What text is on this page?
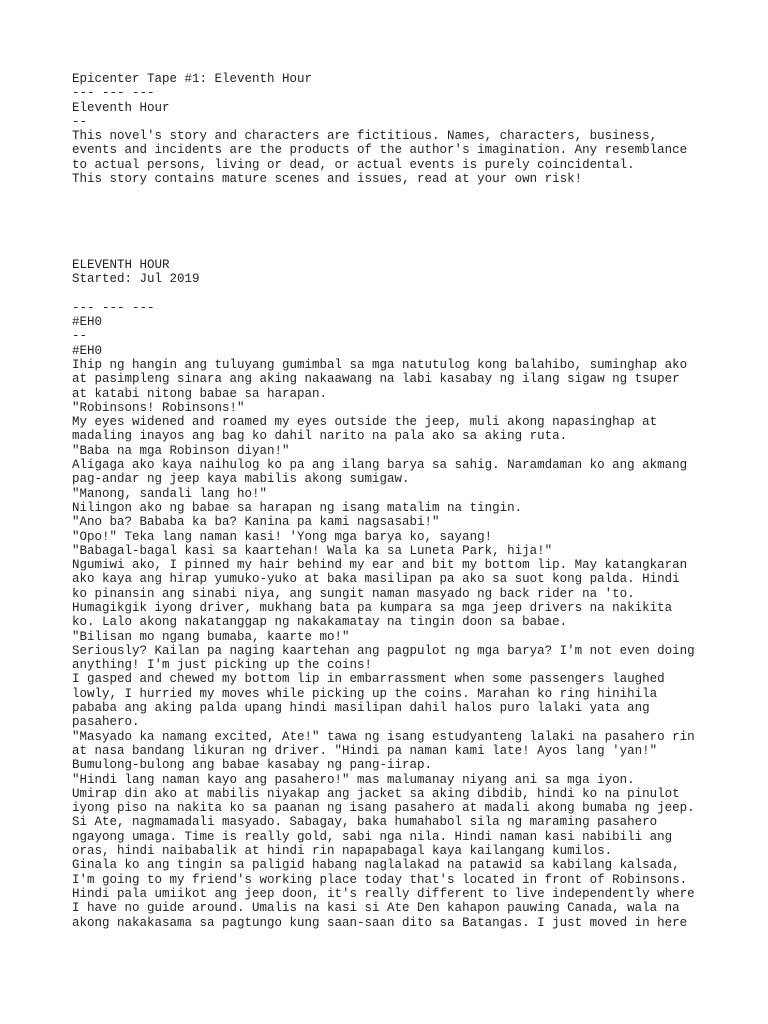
Epicenter Tape #1: Eleventh Hour
--- --- ---
Eleventh Hour
--
This novel's story and characters are fictitious. Names, characters, business,
events and incidents are the products of the author's imagination. Any resemblance
to actual persons, living or dead, or actual events is purely coincidental.
This story contains mature scenes and issues, read at your own risk!
ELEVENTH HOUR
Started: Jul 2019
--- --- ---
#EH0
--
#EH0
Ihip ng hangin ang tuluyang gumimbal sa mga natutulog kong balahibo, suminghap ako
at pasimpleng sinara ang aking nakaawang na labi kasabay ng ilang sigaw ng tsuper
at katabi nitong babae sa harapan.
"Robinsons! Robinsons!"
My eyes widened and roamed my eyes outside the jeep, muli akong napasinghap at
madaling inayos ang bag ko dahil narito na pala ako sa aking ruta.
"Baba na mga Robinson diyan!"
Aligaga ako kaya naihulog ko pa ang ilang barya sa sahig. Naramdaman ko ang akmang
pag-andar ng jeep kaya mabilis akong sumigaw.
"Manong, sandali lang ho!"
Nilingon ako ng babae sa harapan ng isang matalim na tingin.
"Ano ba? Bababa ka ba? Kanina pa kami nagsasabi!"
"Opo!" Teka lang naman kasi! 'Yong mga barya ko, sayang!
"Babagal-bagal kasi sa kaartehan! Wala ka sa Luneta Park, hija!"
Ngumiwi ako, I pinned my hair behind my ear and bit my bottom lip. May katangkaran
ako kaya ang hirap yumuko-yuko at baka masilipan pa ako sa suot kong palda. Hindi
ko pinansin ang sinabi niya, ang sungit naman masyado ng back rider na 'to.
Humagikgik iyong driver, mukhang bata pa kumpara sa mga jeep drivers na nakikita
ko. Lalo akong nakatanggap ng nakakamatay na tingin doon sa babae.
"Bilisan mo ngang bumaba, kaarte mo!"
Seriously? Kailan pa naging kaartehan ang pagpulot ng mga barya? I'm not even doing
anything! I'm just picking up the coins!
I gasped and chewed my bottom lip in embarrassment when some passengers laughed
lowly, I hurried my moves while picking up the coins. Marahan ko ring hinihila
pababa ang aking palda upang hindi masilipan dahil halos puro lalaki yata ang
pasahero.
"Masyado ka namang excited, Ate!" tawa ng isang estudyanteng lalaki na pasahero rin
at nasa bandang likuran ng driver. "Hindi pa naman kami late! Ayos lang 'yan!"
Bumulong-bulong ang babae kasabay ng pang-iirap.
"Hindi lang naman kayo ang pasahero!" mas malumanay niyang ani sa mga iyon.
Umirap din ako at mabilis niyakap ang jacket sa aking dibdib, hindi ko na pinulot
iyong piso na nakita ko sa paanan ng isang pasahero at madali akong bumaba ng jeep.
Si Ate, nagmamadali masyado. Sabagay, baka humahabol sila ng maraming pasahero
ngayong umaga. Time is really gold, sabi nga nila. Hindi naman kasi nabibili ang
oras, hindi naibabalik at hindi rin napapabagal kaya kailangang kumilos.
Ginala ko ang tingin sa paligid habang naglalakad na patawid sa kabilang kalsada,
I'm going to my friend's working place today that's located in front of Robinsons.
Hindi pala umiikot ang jeep doon, it's really different to live independently where
I have no guide around. Umalis na kasi si Ate Den kahapon pauwing Canada, wala na
akong nakakasama sa pagtungo kung saan-saan dito sa Batangas. I just moved in here
